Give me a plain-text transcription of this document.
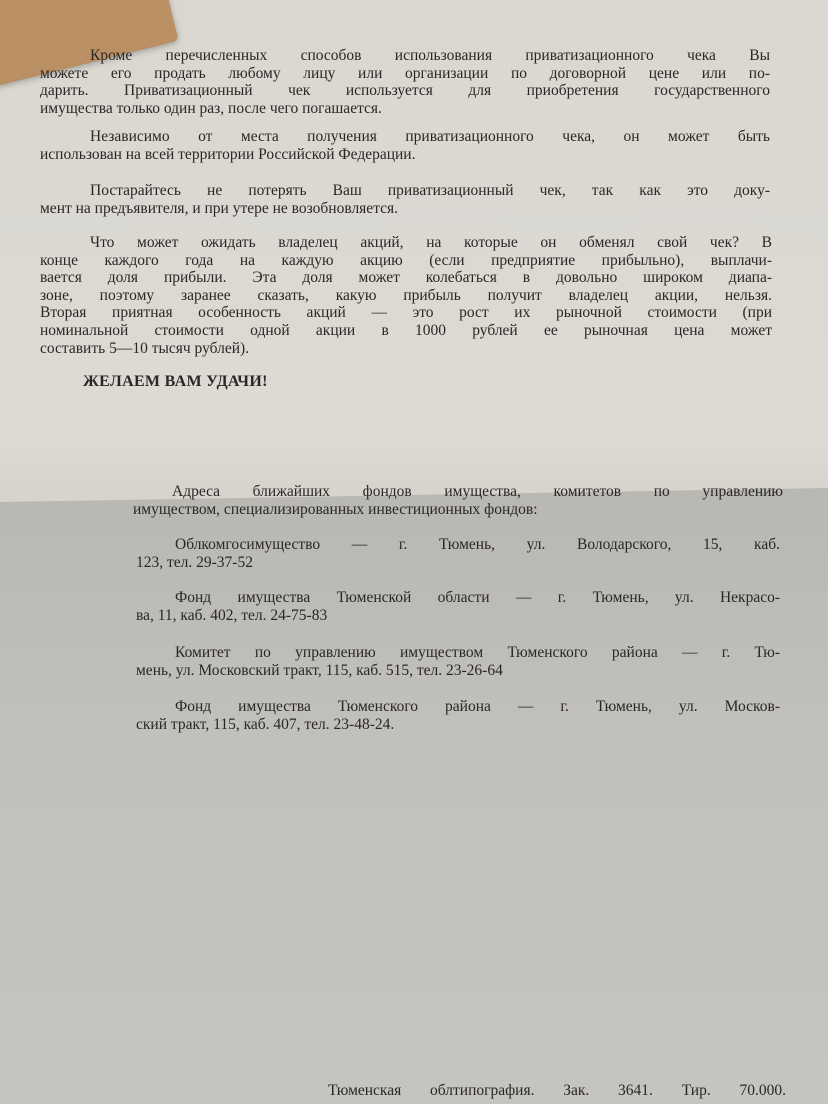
Кроме перечисленных способов использования приватизационного чека Вы
можете его продать любому лицу или организации по договорной цене или по-
дарить. Приватизационный чек используется для приобретения государственного
имущества только один раз, после чего погашается.
Независимо от места получения приватизационного чека, он может быть
использован на всей территории Российской Федерации.
Постарайтесь не потерять Ваш приватизационный чек, так как это доку-
мент на предъявителя, и при утере не возобновляется.
Что может ожидать владелец акций, на которые он обменял свой чек? В
конце каждого года на каждую акцию (если предприятие прибыльно), выплачи-
вается доля прибыли. Эта доля может колебаться в довольно широком диапа-
зоне, поэтому заранее сказать, какую прибыль получит владелец акции, нельзя.
Вторая приятная особенность акций — это рост их рыночной стоимости (при
номинальной стоимости одной акции в 1000 рублей ее рыночная цена может
составить 5—10 тысяч рублей).
ЖЕЛАЕМ ВАМ УДАЧИ!
Адреса ближайших фондов имущества, комитетов по управлению
имуществом, специализированных инвестиционных фондов:
Облкомгосимущество — г. Тюмень, ул. Володарского, 15, каб.
123, тел. 29-37-52
Фонд имущества Тюменской области — г. Тюмень, ул. Некрасо-
ва, 11, каб. 402, тел. 24-75-83
Комитет по управлению имуществом Тюменского района — г. Тю-
мень, ул. Московский тракт, 115, каб. 515, тел. 23-26-64
Фонд имущества Тюменского района — г. Тюмень, ул. Москов-
ский тракт, 115, каб. 407, тел. 23-48-24.
Тюменская облтипография. Зак. 3641. Тир. 70.000.
